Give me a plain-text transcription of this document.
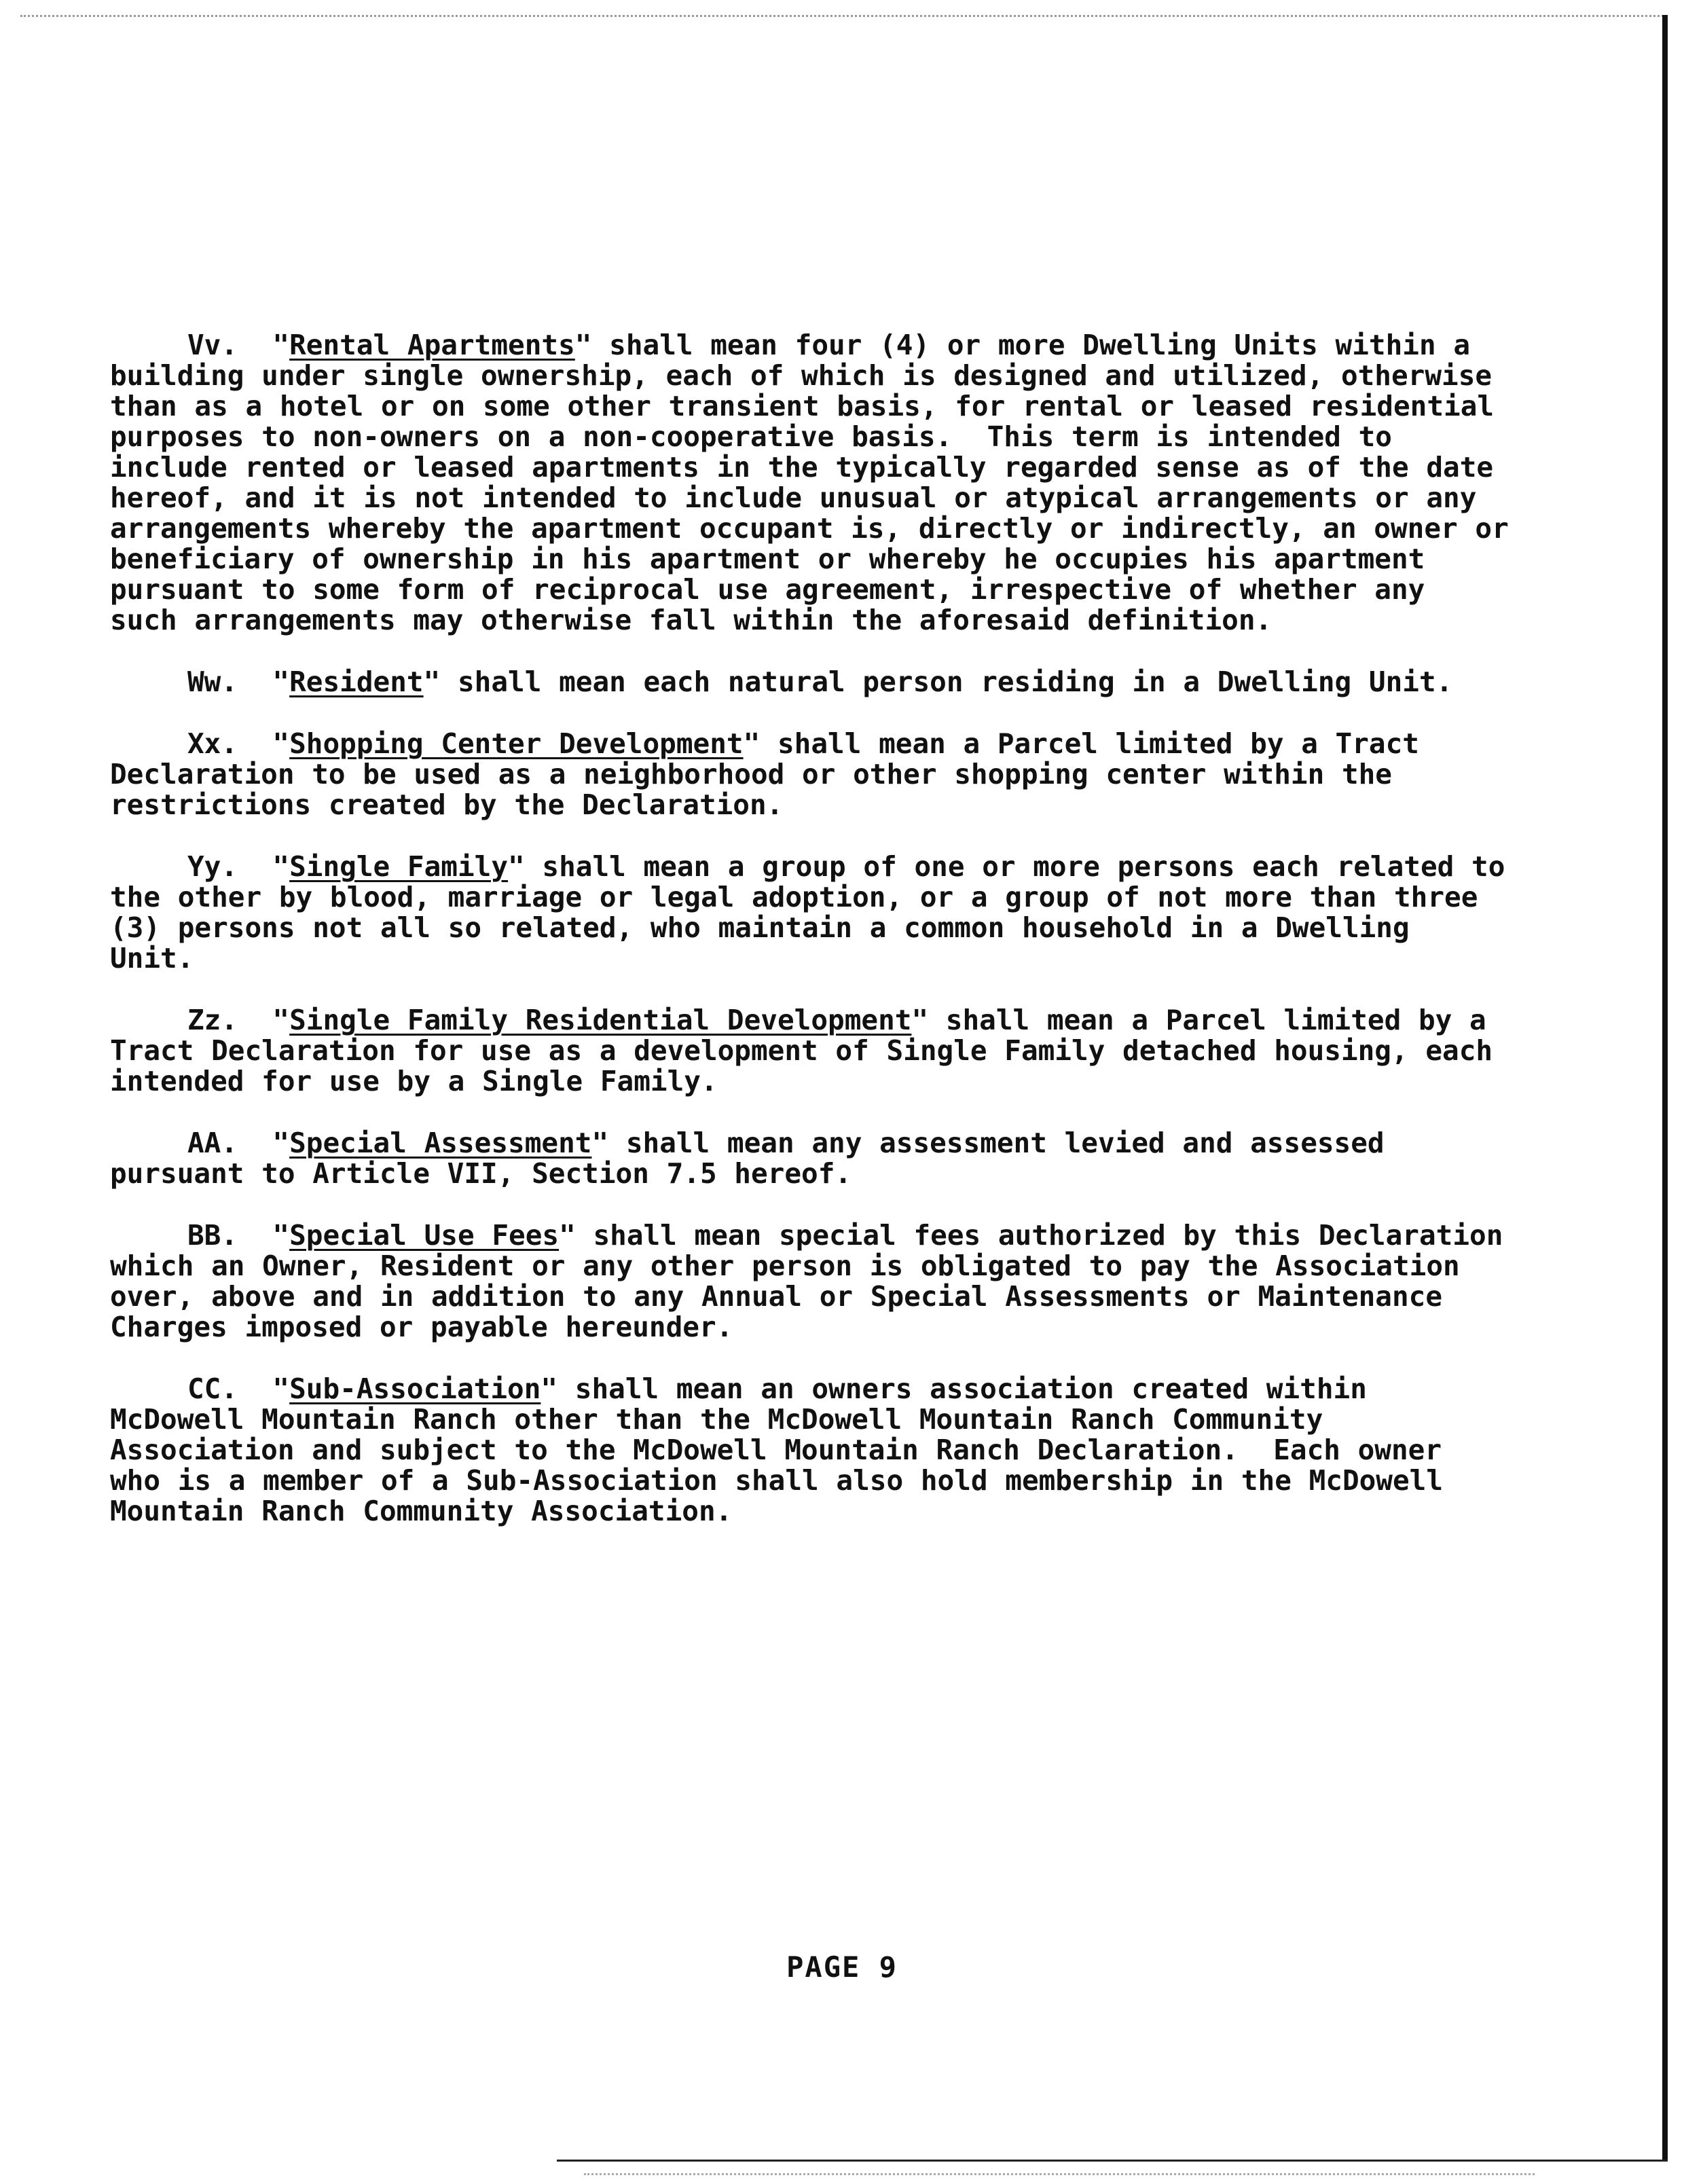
Vv.  "Rental Apartments" shall mean four (4) or more Dwelling Units within a building under single ownership, each of which is designed and utilized, otherwise than as a hotel or on some other transient basis, for rental or leased residential purposes to non-owners on a non-cooperative basis.  This term is intended to include rented or leased apartments in the typically regarded sense as of the date hereof, and it is not intended to include unusual or atypical arrangements or any arrangements whereby the apartment occupant is, directly or indirectly, an owner or beneficiary of ownership in his apartment or whereby he occupies his apartment pursuant to some form of reciprocal use agreement, irrespective of whether any such arrangements may otherwise fall within the aforesaid definition.

Ww.  "Resident" shall mean each natural person residing in a Dwelling Unit.

Xx.  "Shopping Center Development" shall mean a Parcel limited by a Tract Declaration to be used as a neighborhood or other shopping center within the restrictions created by the Declaration.

Yy.  "Single Family" shall mean a group of one or more persons each related to the other by blood, marriage or legal adoption, or a group of not more than three (3) persons not all so related, who maintain a common household in a Dwelling Unit.

Zz.  "Single Family Residential Development" shall mean a Parcel limited by a Tract Declaration for use as a development of Single Family detached housing, each intended for use by a Single Family.

AA.  "Special Assessment" shall mean any assessment levied and assessed pursuant to Article VII, Section 7.5 hereof.

BB.  "Special Use Fees" shall mean special fees authorized by this Declaration which an Owner, Resident or any other person is obligated to pay the Association over, above and in addition to any Annual or Special Assessments or Maintenance Charges imposed or payable hereunder.

CC.  "Sub-Association" shall mean an owners association created within McDowell Mountain Ranch other than the McDowell Mountain Ranch Community Association and subject to the McDowell Mountain Ranch Declaration.  Each owner who is a member of a Sub-Association shall also hold membership in the McDowell Mountain Ranch Community Association.

PAGE 9
